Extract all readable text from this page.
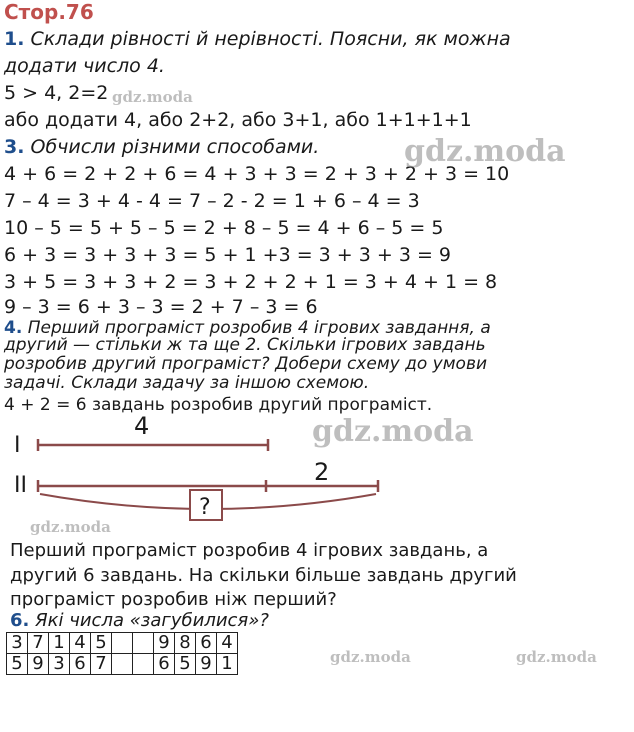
Стор.76
1. Склади рівності й нерівності. Поясни, як можна
додати число 4.
5 > 4, 2=2
або додати 4, або 2+2, або 3+1, або 1+1+1+1
3. Обчисли різними способами.
4 + 6 = 2 + 2 + 6 = 4 + 3 + 3 = 2 + 3 + 2 + 3 = 10
7 – 4 = 3 + 4 - 4 = 7 – 2 - 2 = 1 + 6 – 4 = 3
10 – 5 = 5 + 5 – 5 = 2 + 8 – 5 = 4 + 6 – 5 = 5
6 + 3 = 3 + 3 + 3 = 5 + 1 +3 = 3 + 3 + 3 = 9
3 + 5 = 3 + 3 + 2 = 3 + 2 + 2 + 1 = 3 + 4 + 1 = 8
9 – 3 = 6 + 3 – 3 = 2 + 7 – 3 = 6
4. Перший програміст розробив 4 ігрових завдання, а
другий — стільки ж та ще 2. Скільки ігрових завдань
розробив другий програміст? Добери схему до умови
задачі. Склади задачу за іншою схемою.
4 + 2 = 6 завдань розробив другий програміст.
I
4
II	2
?
Перший програміст розробив 4 ігрових завдань, а
другий 6 завдань. На скільки більше завдань другий
програміст розробив ніж перший?
6. Які числа «загубилися»?
3	7	1	4	5			9	8	6	4
5	9	3	6	7			6	5	9	1
gdz.moda
gdz.moda
gdz.moda
gdz.moda
gdz.moda	gdz.moda
